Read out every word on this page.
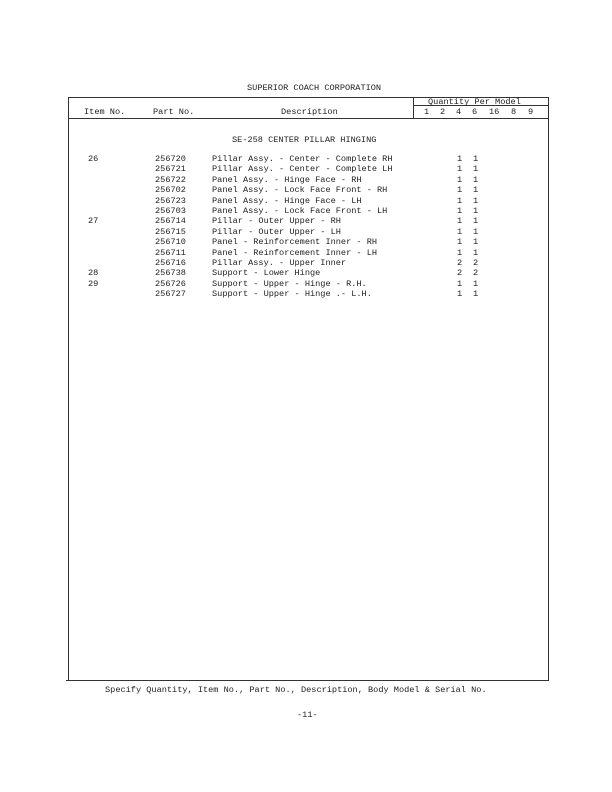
SUPERIOR COACH CORPORATION
Item No.	Part No.	Description
Quantity Per Model
1 2 4 6 16 8 9
SE-258 CENTER PILLAR HINGING
26	256720	Pillar Assy. - Center - Complete RH	1 1
256721	Pillar Assy. - Center - Complete LH	1 1
256722	Panel Assy. - Hinge Face - RH	1 1
256702	Panel Assy. - Lock Face Front - RH	1 1
256723	Panel Assy. - Hinge Face - LH	1 1
256703	Panel Assy. - Lock Face Front - LH	1 1
27	256714	Pillar - Outer Upper - RH	1 1
256715	Pillar - Outer Upper - LH	1 1
256710	Panel - Reinforcement Inner - RH	1 1
256711	Panel - Reinforcement Inner - LH	1 1
256716	Pillar Assy. - Upper Inner	2 2
28	256738	Support - Lower Hinge	2 2
29	256726	Support - Upper - Hinge - R.H.	1 1
256727	Support - Upper - Hinge .- L.H.	1 1
Specify Quantity, Item No., Part No., Description, Body Model & Serial No.
-11-
